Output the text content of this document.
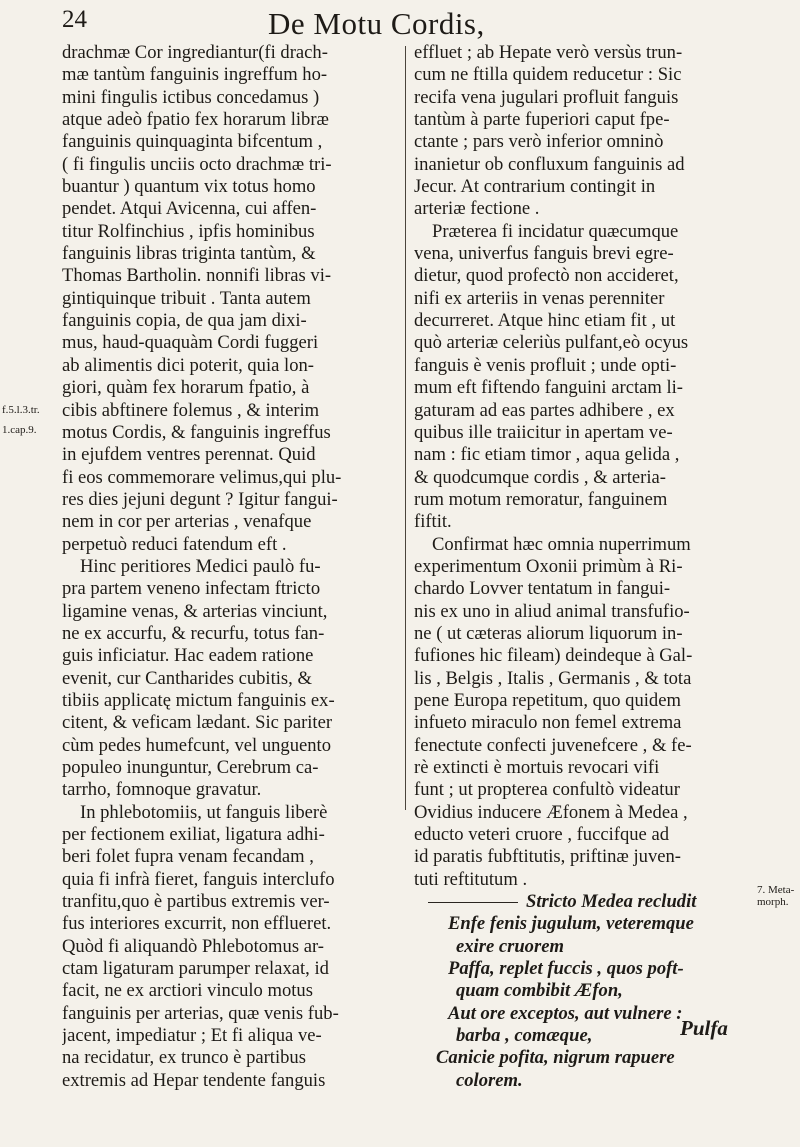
24	De Motu Cordis,
drachmæ Cor ingrediantur(fi drach-
mæ tantùm fanguinis ingreffum ho-
mini fingulis ictibus concedamus )
atque adeò fpatio fex horarum libræ
fanguinis quinquaginta bifcentum ,
( fi fingulis unciis octo drachmæ tri-
buantur ) quantum vix totus homo
pendet. Atqui Avicenna, cui affen-
titur Rolfinchius , ipfis hominibus
fanguinis libras triginta tantùm, &
Thomas Bartholin. nonnifi libras vi-
gintiquinque tribuit . Tanta autem
fanguinis copia, de qua jam dixi-
mus, haud-quaquàm Cordi fuggeri
ab alimentis dici poterit, quia lon-
giori, quàm fex horarum fpatio, à
cibis abftinere folemus , & interim
motus Cordis, & fanguinis ingreffus
in ejufdem ventres perennat. Quid
fi eos commemorare velimus,qui plu-
res dies jejuni degunt ? Igitur fangui-
nem in cor per arterias , venafque
perpetuò reduci fatendum eft .
Hinc peritiores Medici paulò fu-
pra partem veneno infectam ftricto
ligamine venas, & arterias vinciunt,
ne ex accurfu, & recurfu, totus fan-
guis inficiatur. Hac eadem ratione
evenit, cur Cantharides cubitis, &
tibiis applicatę mictum fanguinis ex-
citent, & veficam lædant. Sic pariter
cùm pedes humefcunt, vel unguento
populeo inunguntur, Cerebrum ca-
tarrho, fomnoque gravatur.
In phlebotomiis, ut fanguis liberè
per fectionem exiliat, ligatura adhi-
beri folet fupra venam fecandam ,
quia fi infrà fieret, fanguis interclufo
tranfitu,quo è partibus extremis ver-
fus interiores excurrit, non efflueret.
Quòd fi aliquandò Phlebotomus ar-
ctam ligaturam parumper relaxat, id
facit, ne ex arctiori vinculo motus
fanguinis per arterias, quæ venis fub-
jacent, impediatur ; Et fi aliqua ve-
na recidatur, ex trunco è partibus
extremis ad Hepar tendente fanguis
effluet ; ab Hepate verò versùs trun-
cum ne ftilla quidem reducetur : Sic
recifa vena jugulari profluit fanguis
tantùm à parte fuperiori caput fpe-
ctante ; pars verò inferior omninò
inanietur ob confluxum fanguinis ad
Jecur. At contrarium contingit in
arteriæ fectione .
Præterea fi incidatur quæcumque
vena, univerfus fanguis brevi egre-
dietur, quod profectò non accideret,
nifi ex arteriis in venas perenniter
decurreret. Atque hinc etiam fit , ut
quò arteriæ celeriùs pulfant,eò ocyus
fanguis è venis profluit ; unde opti-
mum eft fiftendo fanguini arctam li-
gaturam ad eas partes adhibere , ex
quibus ille traiicitur in apertam ve-
nam : fic etiam timor , aqua gelida ,
& quodcumque cordis , & arteria-
rum motum remoratur, fanguinem
fiftit.
Confirmat hæc omnia nuperrimum
experimentum Oxonii primùm à Ri-
chardo Lovver tentatum in fangui-
nis ex uno in aliud animal transfufio-
ne ( ut cæteras aliorum liquorum in-
fufiones hic fileam) deindeque à Gal-
lis , Belgis , Italis , Germanis , & tota
pene Europa repetitum, quo quidem
infueto miraculo non femel extrema
fenectute confecti juvenefcere , & fe-
rè extincti è mortuis revocari vifi
funt ; ut propterea confultò videatur
Ovidius inducere Æfonem à Medea ,
educto veteri cruore , fuccifque ad
id paratis fubftitutis, priftinæ juven-
tuti reftitutum .
Stricto Medea recludit
Enfe fenis jugulum, veteremque
exire cruorem
Paffa, replet fuccis , quos poft-
quam combibit Æfon,
Aut ore exceptos, aut vulnere :
barba , comæque,
Canicie pofita, nigrum rapuere
colorem.
Pulfa
f.5.l.3.tr.
1.cap.9.
7. Meta-
morph.
